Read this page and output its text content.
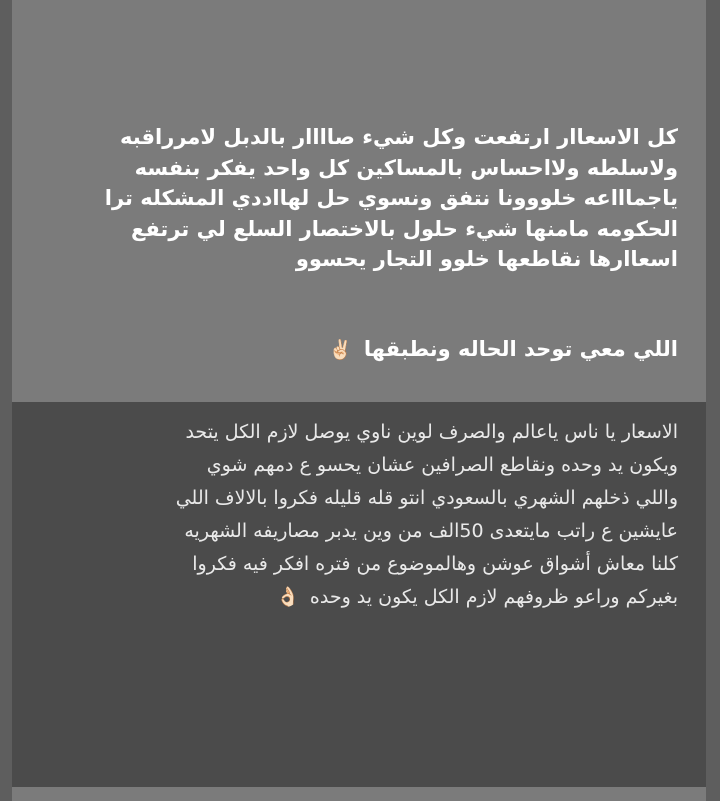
كل الاسعاار ارتفعت وكل شيء صاااار بالدبل لامرراقبه
ولاسلطه ولااحساس بالمساكين كل واحد يفكر بنفسه
ياجماااعه خلووونا نتفق ونسوي حل لهااددي المشكله ترا
الحكومه مامنها شيء حلول بالاختصار السلع لي ترتفع
اسعاارها نقاطعها خلوو التجار يحسوو
اللي معي توحد الحاله ونطبقها ✌🏻
الاسعار يا ناس ياعالم والصرف لوين ناوي يوصل لازم الكل يتحد
ويكون يد وحده ونقاطع الصرافين عشان يحسو ع دمهم شوي
واللي ذخلهم الشهري بالسعودي انتو قله قليله فكروا بالالاف اللي
عايشين ع راتب مايتعدى 50الف من وين يدبر مصاريفه الشهريه
كلنا معاش أشواق عوشن وهالموضوع من فتره افكر فيه فكروا
بغيركم وراعو ظروفهم لازم الكل يكون يد وحده 👌🏻
